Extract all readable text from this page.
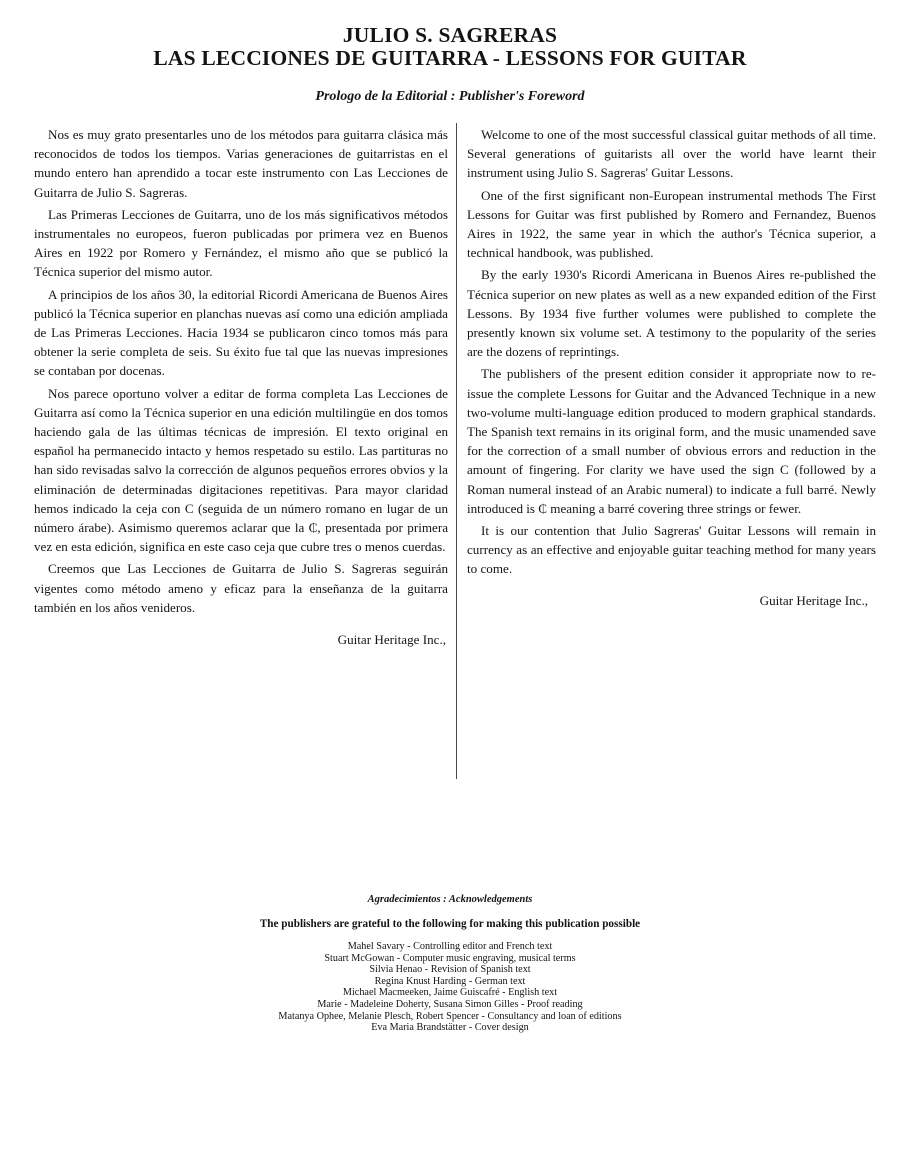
JULIO S. SAGRERAS
LAS LECCIONES DE GUITARRA - LESSONS FOR GUITAR
Prologo de la Editorial : Publisher's Foreword

Nos es muy grato presentarles uno de los métodos para guitarra clásica más reconocidos de todos los tiempos. Varias generaciones de guitarristas en el mundo entero han aprendido a tocar este instrumento con Las Lecciones de Guitarra de Julio S. Sagreras.

Las Primeras Lecciones de Guitarra, uno de los más significativos métodos instrumentales no europeos, fueron publicadas por primera vez en Buenos Aires en 1922 por Romero y Fernández, el mismo año que se publicó la Técnica superior del mismo autor.

A principios de los años 30, la editorial Ricordi Americana de Buenos Aires publicó la Técnica superior en planchas nuevas así como una edición ampliada de Las Primeras Lecciones. Hacia 1934 se publicaron cinco tomos más para obtener la serie completa de seis. Su éxito fue tal que las nuevas impresiones se contaban por docenas.

Nos parece oportuno volver a editar de forma completa Las Lecciones de Guitarra así como la Técnica superior en una edición multilingüe en dos tomos haciendo gala de las últimas técnicas de impresión. El texto original en español ha permanecido intacto y hemos respetado su estilo. Las partituras no han sido revisadas salvo la corrección de algunos pequeños errores obvios y la eliminación de determinadas digitaciones repetitivas. Para mayor claridad hemos indicado la ceja con C (seguida de un número romano en lugar de un número árabe). Asimismo queremos aclarar que la ₵, presentada por primera vez en esta edición, significa en este caso ceja que cubre tres o menos cuerdas.

Creemos que Las Lecciones de Guitarra de Julio S. Sagreras seguirán vigentes como método ameno y eficaz para la enseñanza de la guitarra también en los años venideros.

Guitar Heritage Inc.,

Welcome to one of the most successful classical guitar methods of all time. Several generations of guitarists all over the world have learnt their instrument using Julio S. Sagreras' Guitar Lessons.

One of the first significant non-European instrumental methods The First Lessons for Guitar was first published by Romero and Fernandez, Buenos Aires in 1922, the same year in which the author's Técnica superior, a technical handbook, was published.

By the early 1930's Ricordi Americana in Buenos Aires re-published the Técnica superior on new plates as well as a new expanded edition of the First Lessons. By 1934 five further volumes were published to complete the presently known six volume set. A testimony to the popularity of the series are the dozens of reprintings.

The publishers of the present edition consider it appropriate now to re-issue the complete Lessons for Guitar and the Advanced Technique in a new two-volume multi-language edition produced to modern graphical standards. The Spanish text remains in its original form, and the music unamended save for the correction of a small number of obvious errors and reduction in the amount of fingering. For clarity we have used the sign C (followed by a Roman numeral instead of an Arabic numeral) to indicate a full barré. Newly introduced is ₵ meaning a barré covering three strings or fewer.

It is our contention that Julio Sagreras' Guitar Lessons will remain in currency as an effective and enjoyable guitar teaching method for many years to come.

Guitar Heritage Inc.,

Agradecimientos : Acknowledgements
The publishers are grateful to the following for making this publication possible
Mahel Savary - Controlling editor and French text
Stuart McGowan - Computer music engraving, musical terms
Silvia Henao - Revision of Spanish text
Regina Knust Harding - German text
Michael Macmeeken, Jaime Guiscafré - English text
Marie - Madeleine Doherty, Susana Simon Gilles - Proof reading
Matanya Ophee, Melanie Plesch, Robert Spencer - Consultancy and loan of editions
Eva Maria Brandstätter - Cover design
